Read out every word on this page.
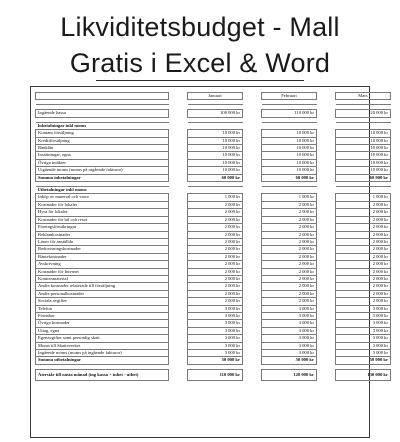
Likviditetsbudget - Mall
Gratis i Excel & Word
		Januari		Februari		Mars

Ingående kassa		100 000 kr		110 000 kr		120 000 kr

Inbetalningar inkl moms						
Kontant försäljning		10 000 kr		10 000 kr		10 000 kr
Kreditförsäljning		10 000 kr		10 000 kr		10 000 kr
Banklån		10 000 kr		10 000 kr		10 000 kr
Insättningar, egna		10 000 kr		10 000 kr		10 000 kr
Övriga intäkter		10 000 kr		10 000 kr		10 000 kr
Utgående moms (moms på utgående fakturor)		10 000 kr		10 000 kr		10 000 kr
Summa inbetalningar		60 000 kr		60 000 kr		60 000 kr

Utbetalningar inkl moms						
Inköp av material och varor		1 000 kr		1 000 kr		1 000 kr
Kostnader för lokaler		2 000 kr		2 000 kr		2 000 kr
Hyra för lokaler		2 000 kr		2 000 kr		2 000 kr
Kostnader för bil och resor		2 000 kr		2 000 kr		2 000 kr
Företagsförsäkringar		2 000 kr		2 000 kr		2 000 kr
Reklamkostnader		2 000 kr		2 000 kr		2 000 kr
Löner för anställda		2 000 kr		2 000 kr		2 000 kr
Redovisningskostnader		2 000 kr		2 000 kr		2 000 kr
Räntekostnader		2 000 kr		2 000 kr		2 000 kr
Avskrivning		2 000 kr		2 000 kr		2 000 kr
Kostnader för Internet		2 000 kr		2 000 kr		2 000 kr
Kontorsmaterial		2 000 kr		2 000 kr		2 000 kr
Andra kostnader relaterade till försäljning		2 000 kr		2 000 kr		2 000 kr
Andra personalkostnader		2 000 kr		2 000 kr		2 000 kr
Sociala avgifter		2 000 kr		2 000 kr		2 000 kr
Telefon		3 000 kr		3 000 kr		3 000 kr
Förnabar		3 000 kr		3 000 kr		3 000 kr
Övriga kostnader		3 000 kr		3 000 kr		3 000 kr
Uttag, egna		3 000 kr		3 000 kr		3 000 kr
Egenavgifter samt personlig skatt		3 000 kr		3 000 kr		3 000 kr
Moms till Skatteverket		3 000 kr		3 000 kr		3 000 kr
Ingående moms (moms på ingående fakturor)		3 000 kr		3 000 kr		3 000 kr
Summa utbetalningar		50 000 kr		50 000 kr		50 000 kr

Återstår till nästa månad (ing kassa + inbet - utbet)		110 000 kr		120 000 kr		130 000 kr
